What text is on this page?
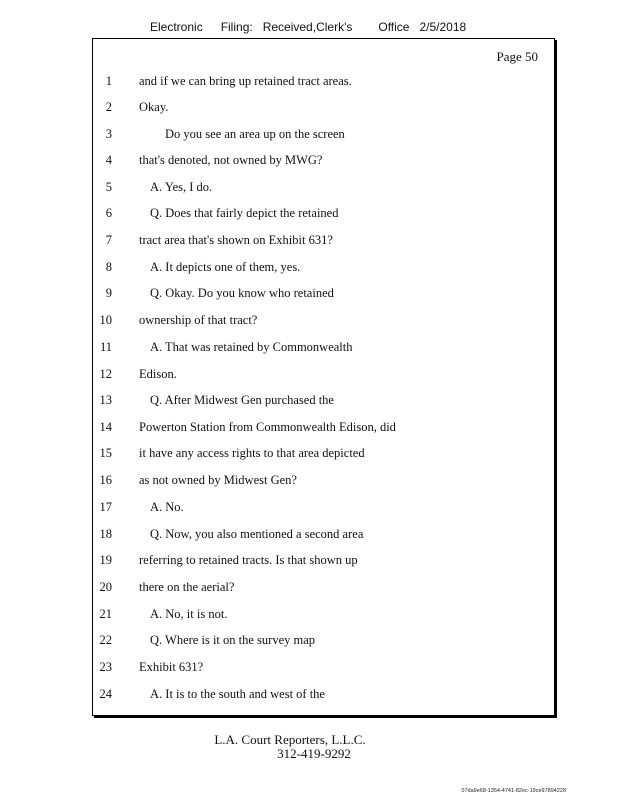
Electronic Filing: Received,Clerk's Office 2/5/2018
Page 50
1 and if we can bring up retained tract areas.
2 Okay.
3	Do you see an area up on the screen
4 that's denoted, not owned by MWG?
5	A. Yes, I do.
6	Q. Does that fairly depict the retained
7 tract area that's shown on Exhibit 631?
8	A. It depicts one of them, yes.
9	Q. Okay. Do you know who retained
10 ownership of that tract?
11	A. That was retained by Commonwealth
12 Edison.
13	Q. After Midwest Gen purchased the
14 Powerton Station from Commonwealth Edison, did
15 it have any access rights to that area depicted
16 as not owned by Midwest Gen?
17	A. No.
18	Q. Now, you also mentioned a second area
19 referring to retained tracts. Is that shown up
20 there on the aerial?
21	A. No, it is not.
22	Q. Where is it on the survey map
23 Exhibit 631?
24	A. It is to the south and west of the
L.A. Court Reporters, L.L.C.
312-419-9292
07da9e68-1354-4741-82ec-19ce97894228
